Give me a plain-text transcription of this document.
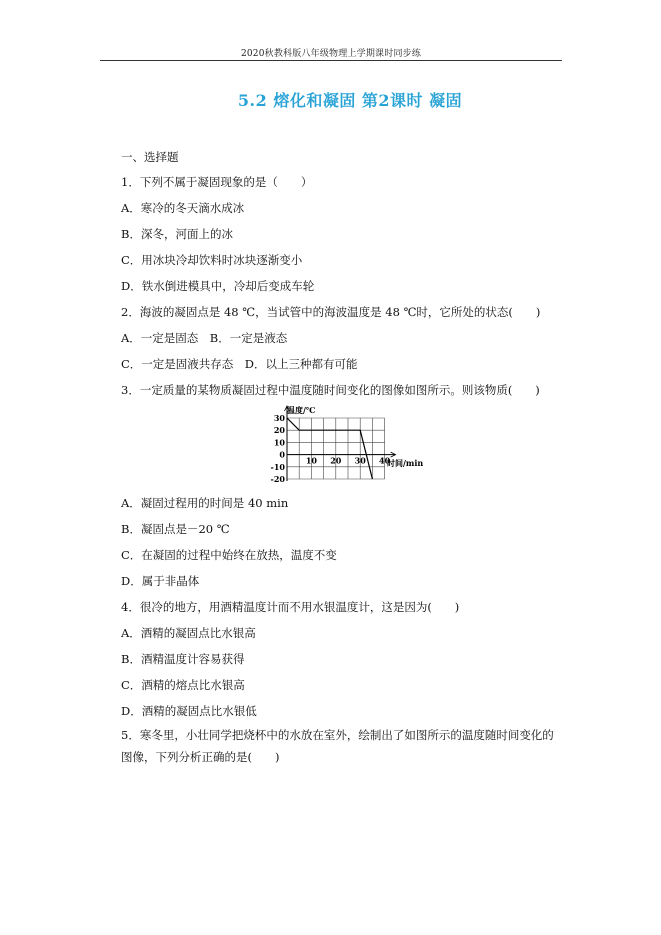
2020秋教科版八年级物理上学期课时同步练
5.2 熔化和凝固 第2课时 凝固
一、选择题
1．下列不属于凝固现象的是（　　）
A．寒冷的冬天滴水成冰
B．深冬，河面上的冰
C．用冰块冷却饮料时冰块逐渐变小
D．铁水倒进模具中，冷却后变成车轮
2．海波的凝固点是 48 ℃，当试管中的海波温度是 48 ℃时，它所处的状态(　　)
A．一定是固态　B．一定是液态
C．一定是固液共存态　D．以上三种都有可能
3．一定质量的某物质凝固过程中温度随时间变化的图像如图所示。则该物质(　　)
30
20
10
0
-10
-20
10 20 30 40
温度/℃
时间/min
A．凝固过程用的时间是 40 min
B．凝固点是－20 ℃
C．在凝固的过程中始终在放热，温度不变
D．属于非晶体
4．很冷的地方，用酒精温度计而不用水银温度计，这是因为(　　)
A．酒精的凝固点比水银高
B．酒精温度计容易获得
C．酒精的熔点比水银高
D．酒精的凝固点比水银低
5．寒冬里，小壮同学把烧杯中的水放在室外，绘制出了如图所示的温度随时间变化的图像，下列分析正确的是(　　)
